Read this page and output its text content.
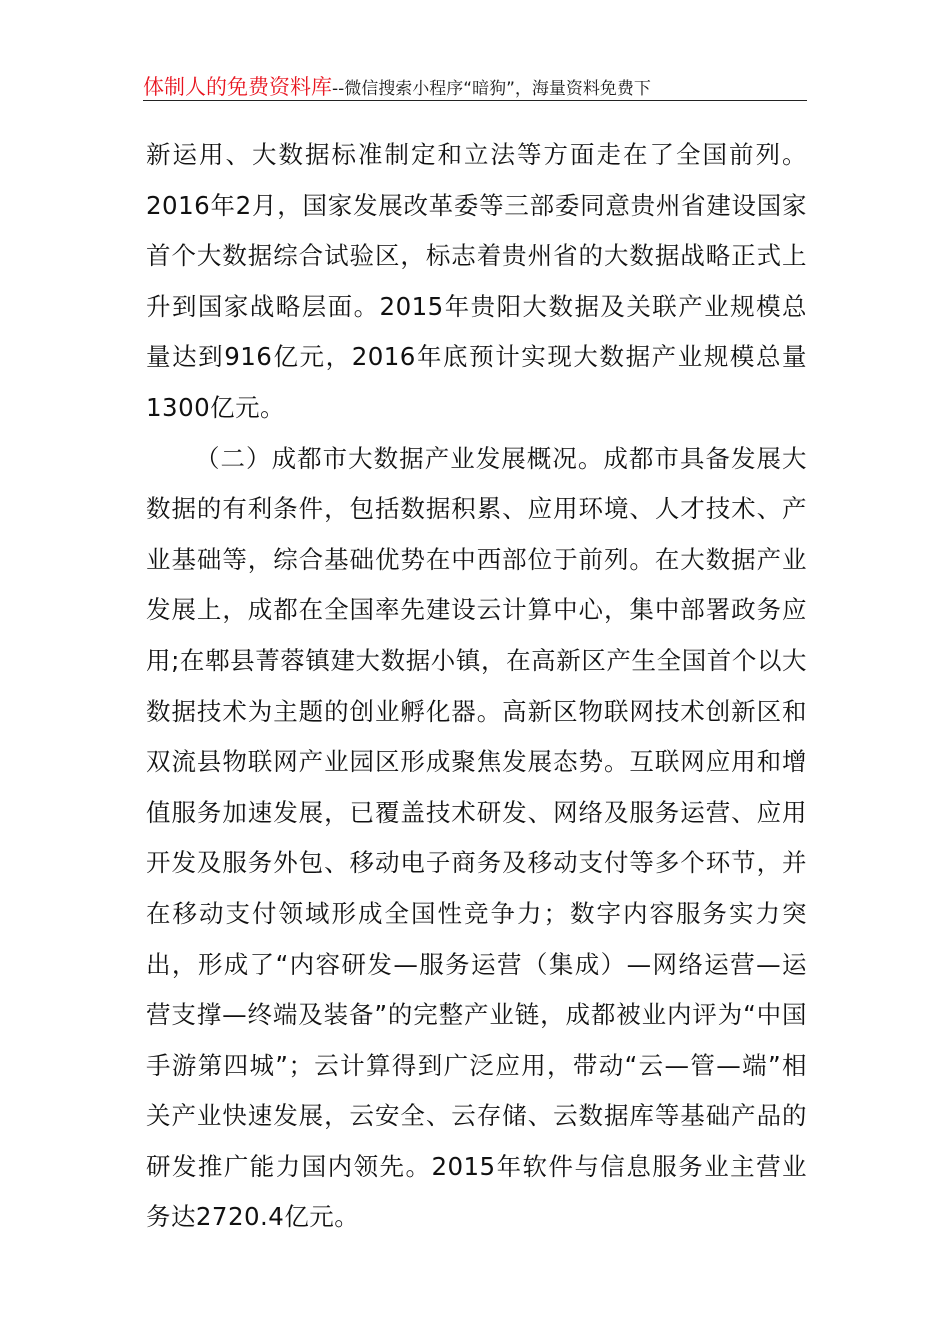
体制人的免费资料库--微信搜索小程序“暗狗”，海量资料免费下

新运用、大数据标准制定和立法等方面走在了全国前列。2016年2月，国家发展改革委等三部委同意贵州省建设国家首个大数据综合试验区，标志着贵州省的大数据战略正式上升到国家战略层面。2015年贵阳大数据及关联产业规模总量达到916亿元，2016年底预计实现大数据产业规模总量1300亿元。

（二）成都市大数据产业发展概况。成都市具备发展大数据的有利条件，包括数据积累、应用环境、人才技术、产业基础等，综合基础优势在中西部位于前列。在大数据产业发展上，成都在全国率先建设云计算中心，集中部署政务应用;在郫县菁蓉镇建大数据小镇，在高新区产生全国首个以大数据技术为主题的创业孵化器。高新区物联网技术创新区和双流县物联网产业园区形成聚焦发展态势。互联网应用和增值服务加速发展，已覆盖技术研发、网络及服务运营、应用开发及服务外包、移动电子商务及移动支付等多个环节，并在移动支付领域形成全国性竞争力；数字内容服务实力突出，形成了“内容研发—服务运营（集成）—网络运营—运营支撑—终端及装备”的完整产业链，成都被业内评为“中国手游第四城”；云计算得到广泛应用，带动“云—管—端”相关产业快速发展，云安全、云存储、云数据库等基础产品的研发推广能力国内领先。2015年软件与信息服务业主营业务达2720.4亿元。
